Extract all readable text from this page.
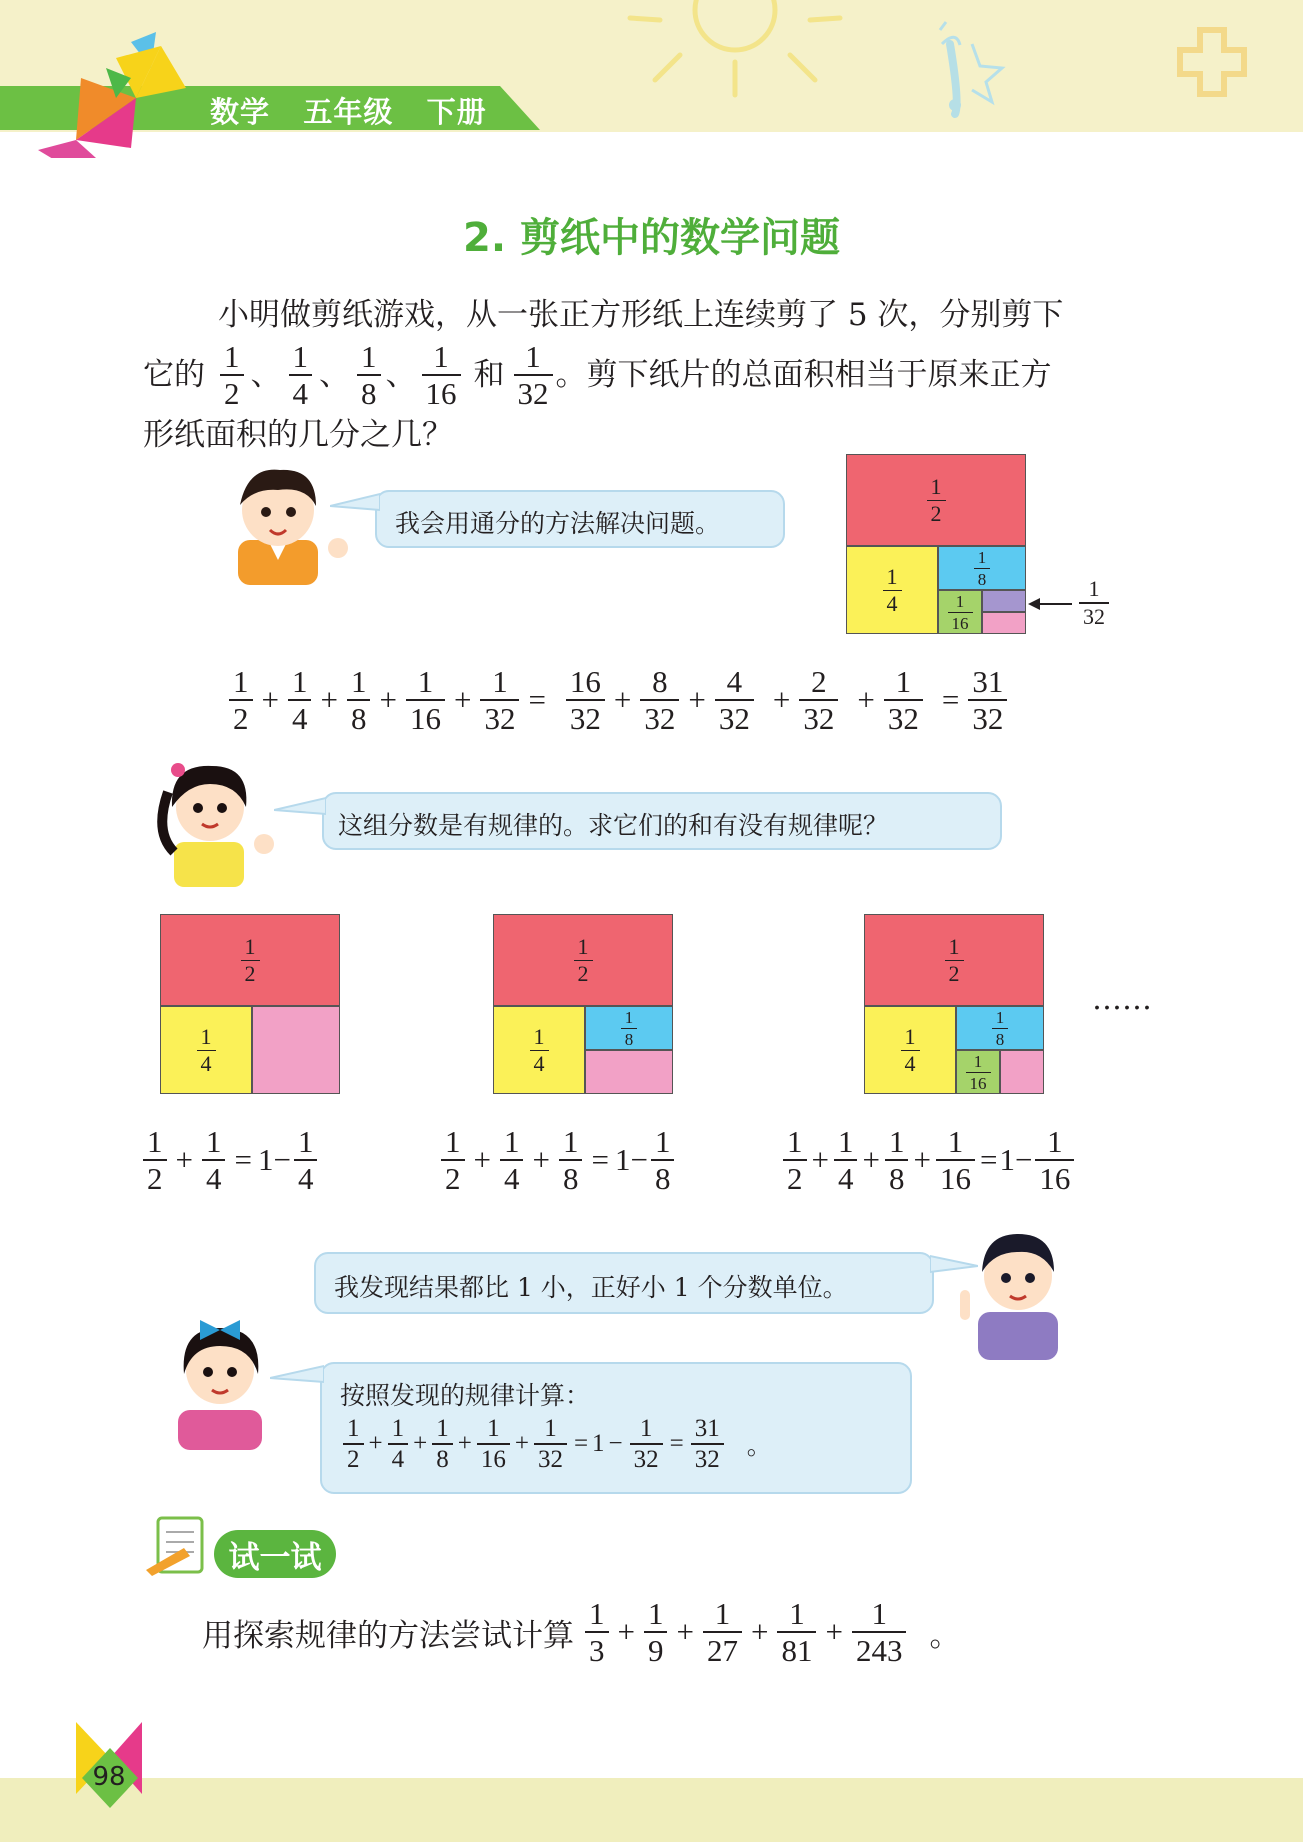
数学 五年级 下册
2. 剪纸中的数学问题
小明做剪纸游戏，从一张正方形纸上连续剪了 5 次，分别剪下
它的 $\frac{1}{2}$ 、 $\frac{1}{4}$ 、 $\frac{1}{8}$ 、 $\frac{1}{16}$ 和 $\frac{1}{32}$ 。剪下纸片的总面积相当于原来正方
形纸面积的几分之几？
我会用通分的方法解决问题。	$\frac{1}{2}$
$\frac{1}{4}$	$\frac{1}{8}$
$\frac{1}{16}$	$\frac{1}{32}$
$\frac{1}{2} + \frac{1}{4} + \frac{1}{8} + \frac{1}{16} + \frac{1}{32} = \frac{16}{32} + \frac{8}{32} + \frac{4}{32} + \frac{2}{32} + \frac{1}{32} = \frac{31}{32}$
这组分数是有规律的。求它们的和有没有规律呢？
$\frac{1}{2}$
$\frac{1}{4}$
$\frac{1}{2}$
$\frac{1}{4}$	$\frac{1}{8}$
$\frac{1}{2}$
$\frac{1}{4}$	$\frac{1}{8}$
$\frac{1}{16}$
……
$\frac{1}{2} + \frac{1}{4} = 1 - \frac{1}{4}$	$\frac{1}{2} + \frac{1}{4} + \frac{1}{8} = 1 - \frac{1}{8}$	$\frac{1}{2} + \frac{1}{4} + \frac{1}{8} + \frac{1}{16} = 1 - \frac{1}{16}$
我发现结果都比 1 小，正好小 1 个分数单位。
按照发现的规律计算：
$\frac{1}{2} + \frac{1}{4} + \frac{1}{8} + \frac{1}{16} + \frac{1}{32} = 1 - \frac{1}{32} = \frac{31}{32}$ 。
试一试
用探索规律的方法尝试计算 $\frac{1}{3} + \frac{1}{9} + \frac{1}{27} + \frac{1}{81} + \frac{1}{243}$ 。
98
